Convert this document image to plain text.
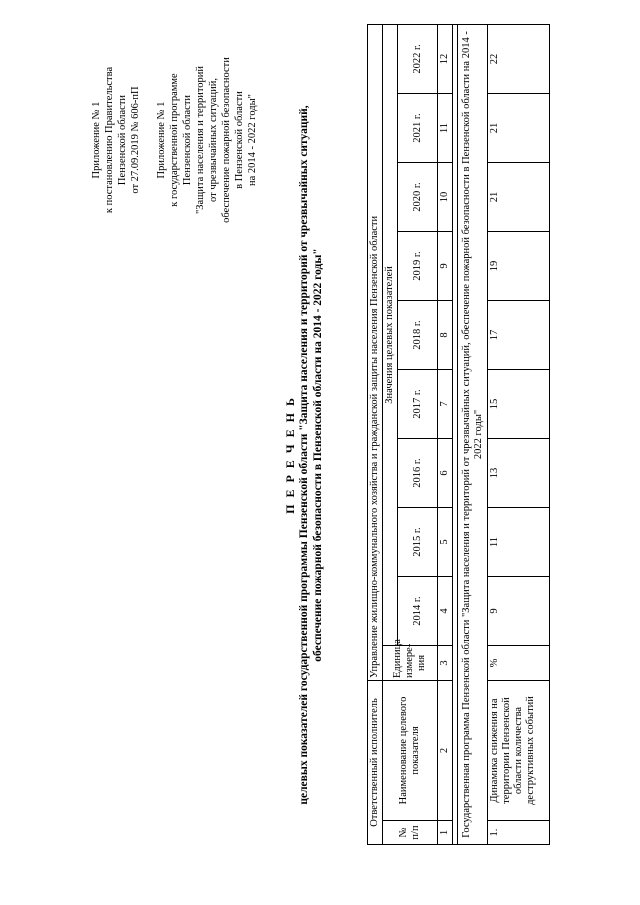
Приложение № 1 к постановлению Правительства Пензенской области от 27.09.2019 № 606-пП Приложение № 1 к государственной программе Пензенской области "Защита населения и территорий от чрезвычайных ситуаций, обеспечение пожарной безопасности в Пензенской области на 2014 - 2022 годы"
П Е Р Е Ч Е Н Ь целевых показателей государственной программы Пензенской области "Защита населения и территорий от чрезвычайных ситуаций, обеспечение пожарной безопасности в Пензенской области на 2014 - 2022 годы"
Ответственный исполнитель		Управление жилищно-коммунального хозяйства и гражданской защиты населения Пензенской области									
№ п/п	Наименование целевого показателя	Единица измере-ния	Значения целевых показателей								
			2014 г.	2015 г.	2016 г.	2017 г.	2018 г.	2019 г.	2020 г.	2021 г.	2022 г.
1	2	3	4	5	6	7	8	9	10	11	12

Государственная программа Пензенской области "Защита населения и территорий от чрезвычайных ситуаций, обеспечение пожарной безопасности в Пензенской области на 2014 - 2022 годы"											
1.	Динамика снижения на территории Пензенской области количества деструктивных событий	%	9	11	13	15	17	19	21	21	22
